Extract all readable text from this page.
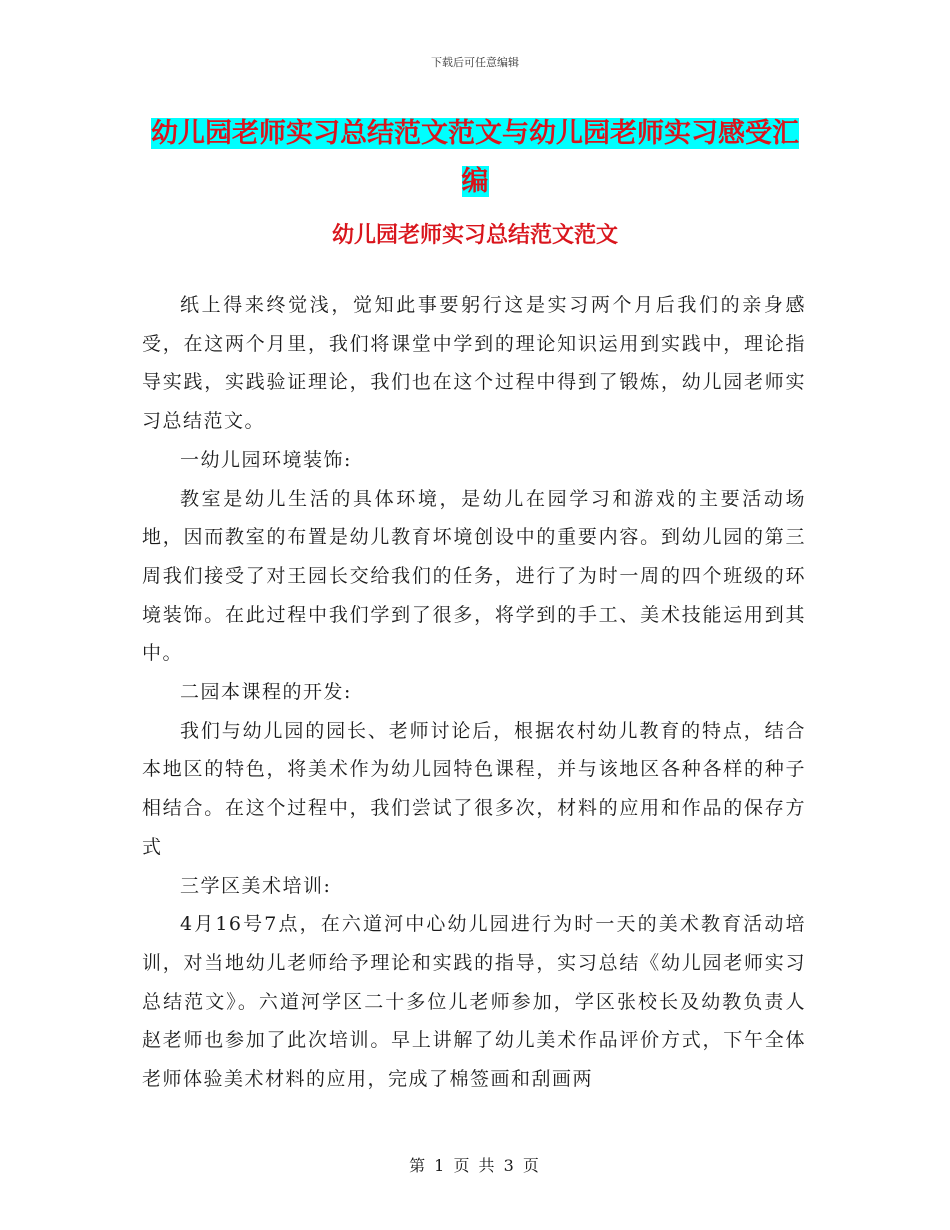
下载后可任意编辑
幼儿园老师实习总结范文范文与幼儿园老师实习感受汇编
幼儿园老师实习总结范文范文

纸上得来终觉浅，觉知此事要躬行这是实习两个月后我们的亲身感受，在这两个月里，我们将课堂中学到的理论知识运用到实践中，理论指导实践，实践验证理论，我们也在这个过程中得到了锻炼，幼儿园老师实习总结范文。

一幼儿园环境装饰:

教室是幼儿生活的具体环境，是幼儿在园学习和游戏的主要活动场地，因而教室的布置是幼儿教育坏境创设中的重要内容。到幼儿园的第三周我们接受了对王园长交给我们的任务，进行了为时一周的四个班级的环境装饰。在此过程中我们学到了很多，将学到的手工、美术技能运用到其中。

二园本课程的开发:

我们与幼儿园的园长、老师讨论后，根据农村幼儿教育的特点，结合本地区的特色，将美术作为幼儿园特色课程，并与该地区各种各样的种子相结合。在这个过程中，我们尝试了很多次，材料的应用和作品的保存方式

三学区美术培训:

4月16号7点，在六道河中心幼儿园进行为时一天的美术教育活动培训，对当地幼儿老师给予理论和实践的指导，实习总结《幼儿园老师实习总结范文》。六道河学区二十多位儿老师参加，学区张校长及幼教负责人赵老师也参加了此次培训。早上讲解了幼儿美术作品评价方式，下午全体老师体验美术材料的应用，完成了棉签画和刮画两

第 1 页 共 3 页
